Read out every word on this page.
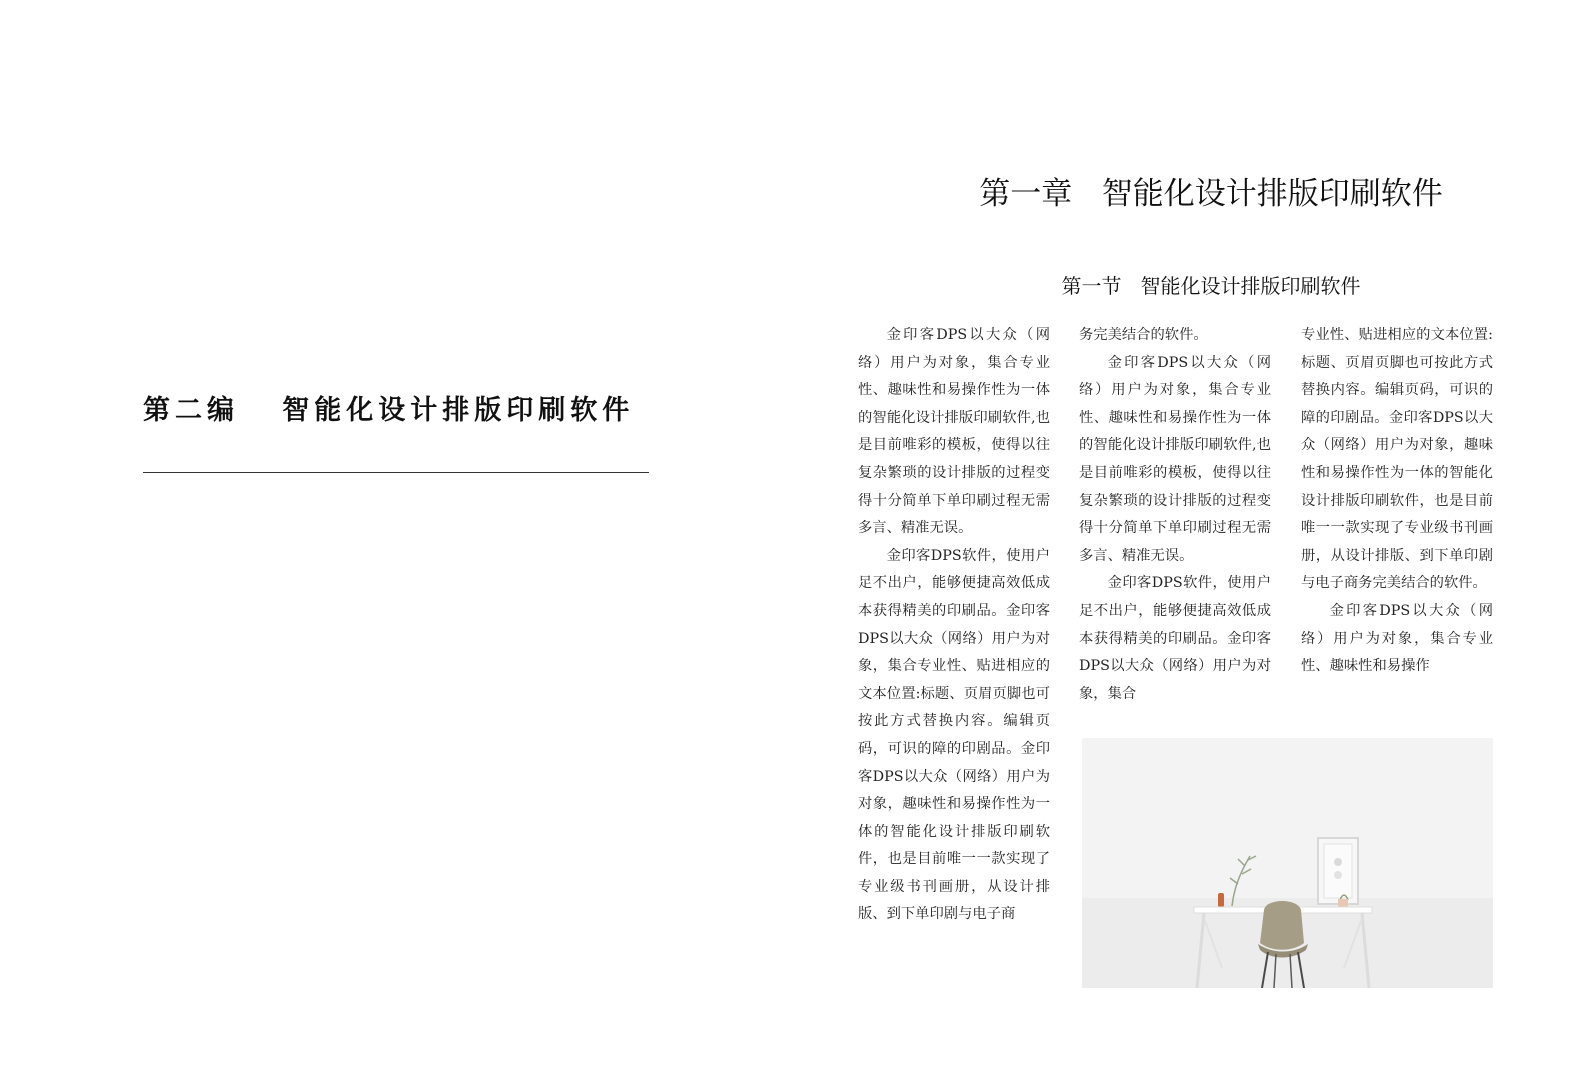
第二编   智能化设计排版印刷软件
第一章   智能化设计排版印刷软件
第一节   智能化设计排版印刷软件

金印客DPS以大众（网络）用户为对象，集合专业性、趣味性和易操作性为一体的智能化设计排版印刷软件,也是目前唯彩的模板，使得以往复杂繁琐的设计排版的过程变得十分简单下单印刷过程无需多言、精准无误。

金印客DPS软件，使用户足不出户，能够便捷高效低成本获得精美的印刷品。金印客DPS以大众（网络）用户为对象，集合专业性、贴进相应的文本位置:标题、页眉页脚也可按此方式替换内容。编辑页码，可识的障的印剧品。金印客DPS以大众（网络）用户为对象，趣味性和易操作性为一体的智能化设计排版印刷软件，也是目前唯一一款实现了专业级书刊画册，从设计排版、到下单印剧与电子商

务完美结合的软件。

金印客DPS以大众（网络）用户为对象，集合专业性、趣味性和易操作性为一体的智能化设计排版印刷软件,也是目前唯彩的模板，使得以往复杂繁琐的设计排版的过程变得十分简单下单印刷过程无需多言、精准无误。

金印客DPS软件，使用户足不出户，能够便捷高效低成本获得精美的印刷品。金印客DPS以大众（网络）用户为对象，集合

专业性、贴进相应的文本位置:标题、页眉页脚也可按此方式替换内容。编辑页码，可识的障的印剧品。金印客DPS以大众（网络）用户为对象，趣味性和易操作性为一体的智能化设计排版印刷软件，也是目前唯一一款实现了专业级书刊画册，从设计排版、到下单印剧与电子商务完美结合的软件。

金印客DPS以大众（网络）用户为对象，集合专业性、趣味性和易操作
